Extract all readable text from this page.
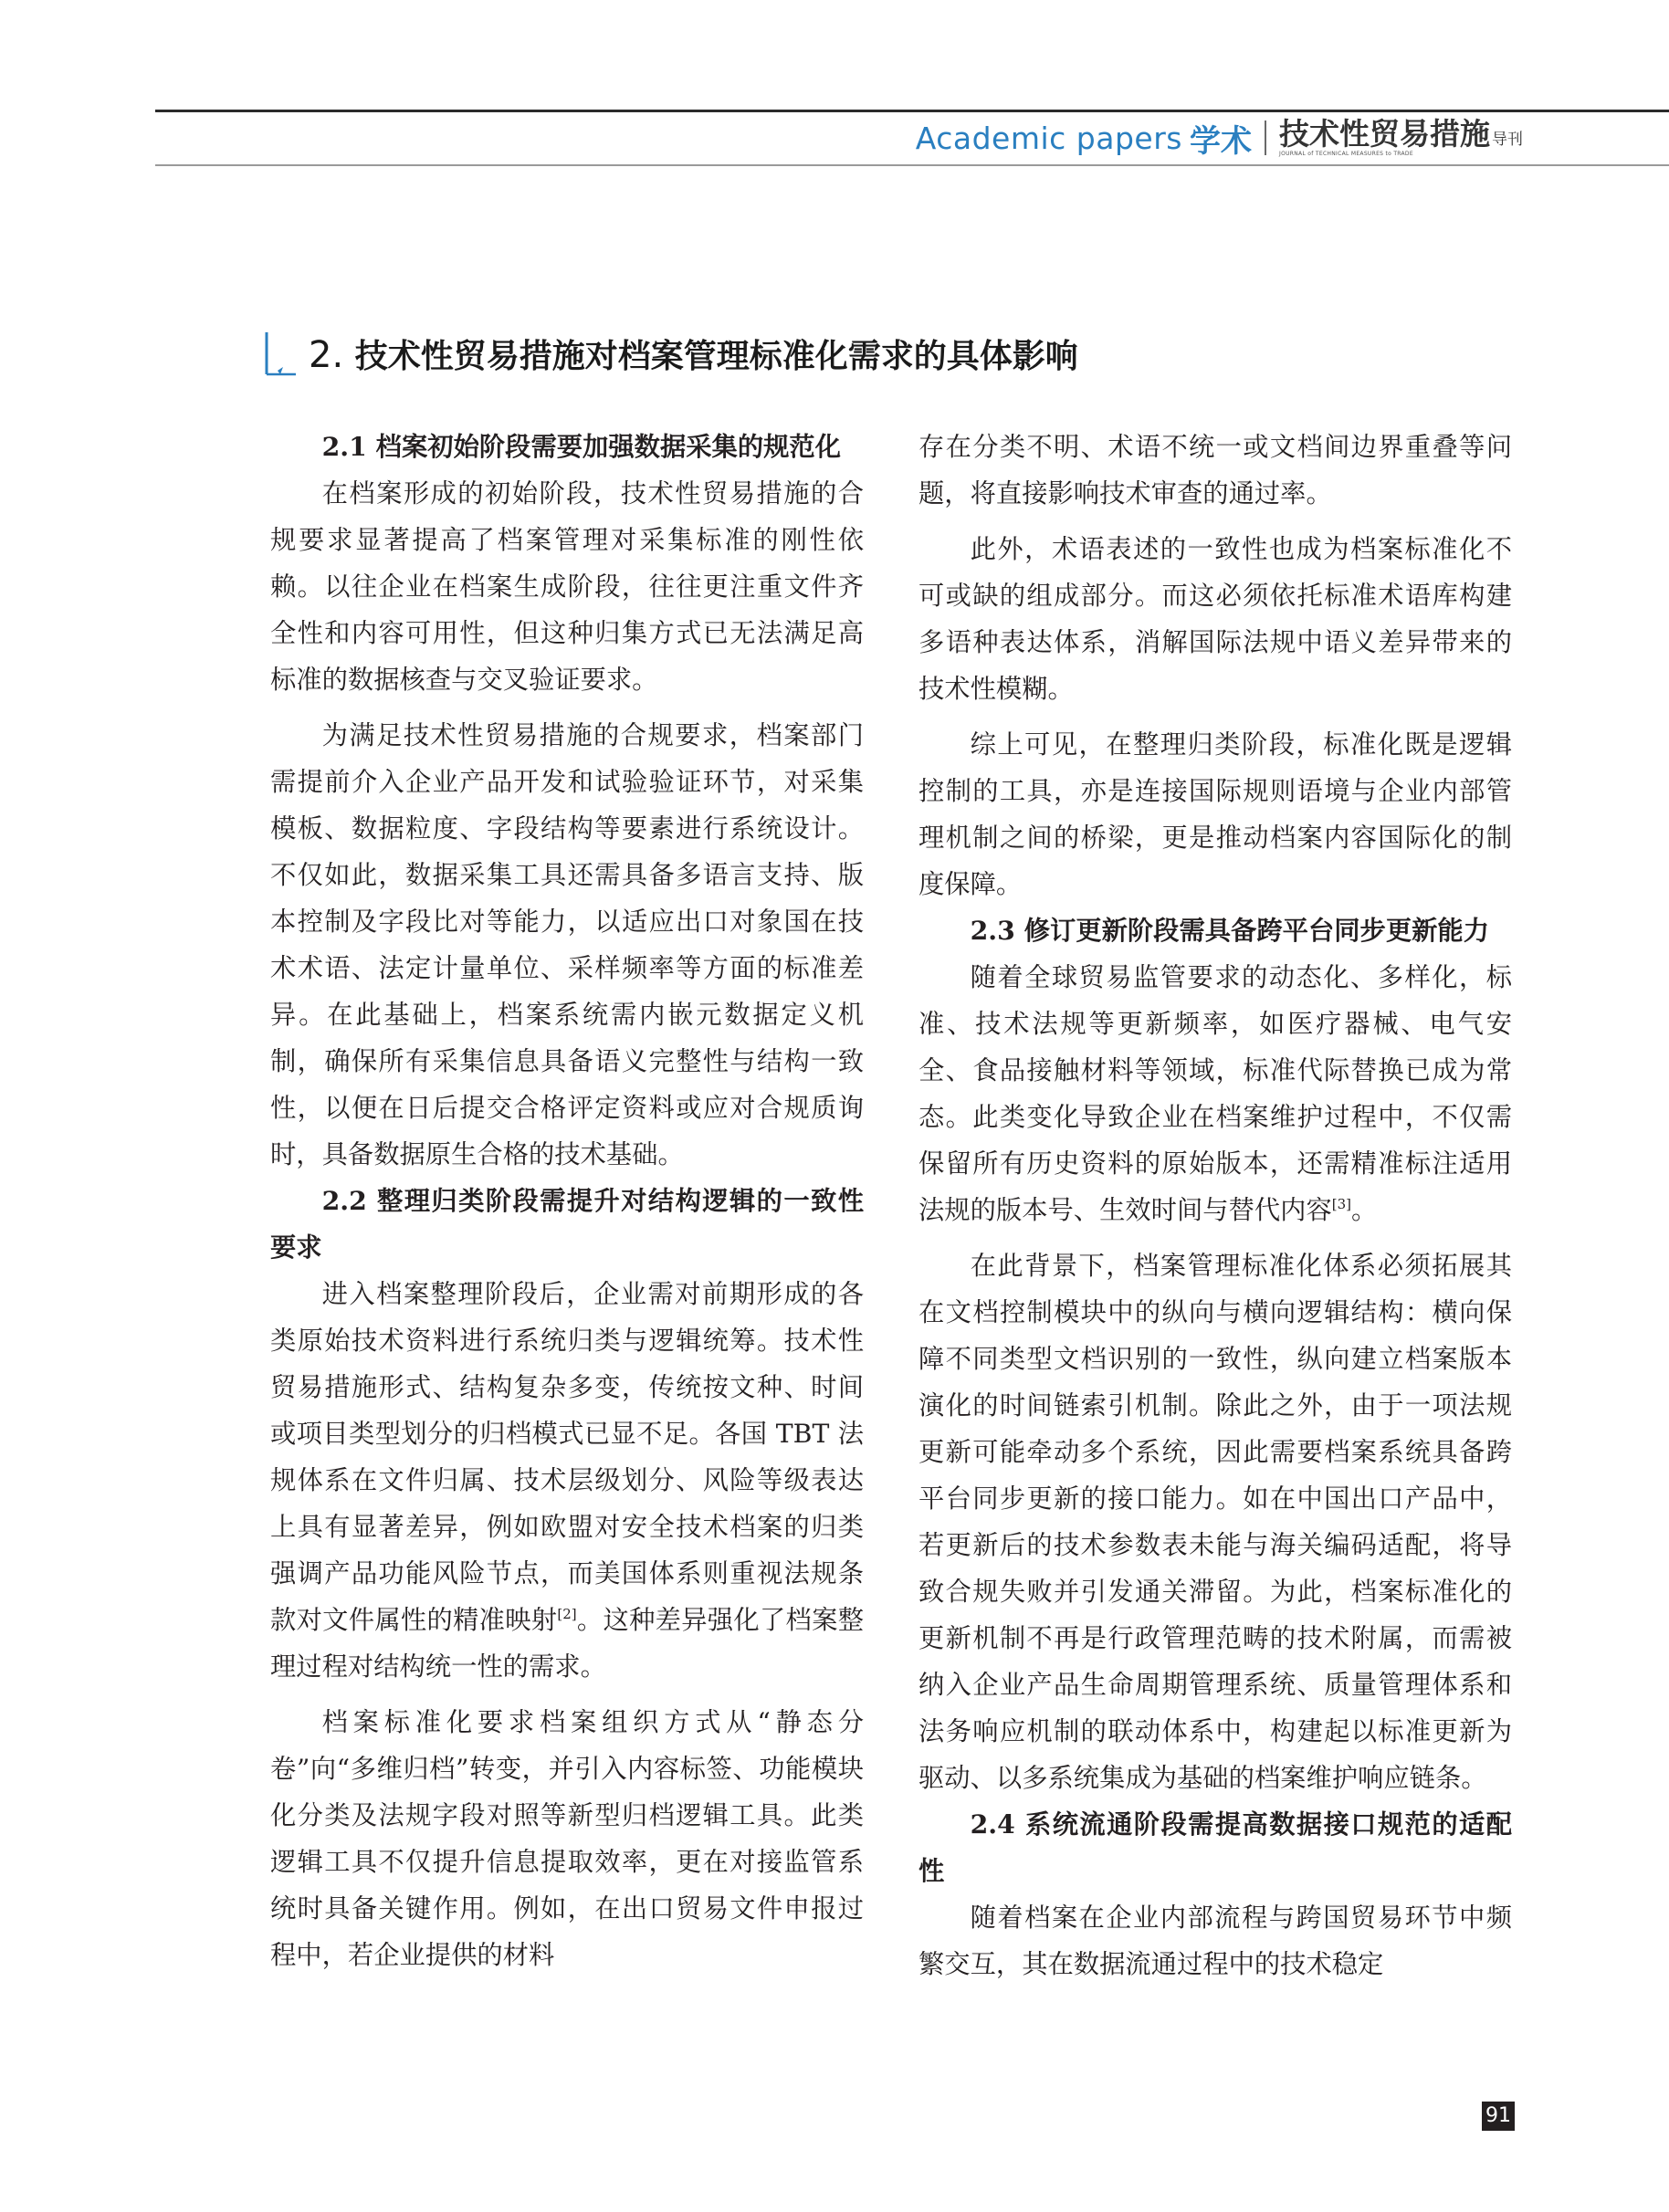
Academic papers 学术 技术性贸易措施 导刊
JOURNAL of TECHNICAL MEASURES to TRADE
2. 技术性贸易措施对档案管理标准化需求的具体影响
2.1 档案初始阶段需要加强数据采集的规范化

在档案形成的初始阶段，技术性贸易措施的合规要求显著提高了档案管理对采集标准的刚性依赖。以往企业在档案生成阶段，往往更注重文件齐全性和内容可用性，但这种归集方式已无法满足高标准的数据核查与交叉验证要求。

为满足技术性贸易措施的合规要求，档案部门需提前介入企业产品开发和试验验证环节，对采集模板、数据粒度、字段结构等要素进行系统设计。不仅如此，数据采集工具还需具备多语言支持、版本控制及字段比对等能力，以适应出口对象国在技术术语、法定计量单位、采样频率等方面的标准差异。在此基础上，档案系统需内嵌元数据定义机制，确保所有采集信息具备语义完整性与结构一致性，以便在日后提交合格评定资料或应对合规质询时，具备数据原生合格的技术基础。

2.2 整理归类阶段需提升对结构逻辑的一致性要求

进入档案整理阶段后，企业需对前期形成的各类原始技术资料进行系统归类与逻辑统筹。技术性贸易措施形式、结构复杂多变，传统按文种、时间或项目类型划分的归档模式已显不足。各国 TBT 法规体系在文件归属、技术层级划分、风险等级表达上具有显著差异，例如欧盟对安全技术档案的归类强调产品功能风险节点，而美国体系则重视法规条款对文件属性的精准映射[2]。这种差异强化了档案整理过程对结构统一性的需求。

档案标准化要求档案组织方式从“静态分卷”向“多维归档”转变，并引入内容标签、功能模块化分类及法规字段对照等新型归档逻辑工具。此类逻辑工具不仅提升信息提取效率，更在对接监管系统时具备关键作用。例如，在出口贸易文件申报过程中，若企业提供的材料

存在分类不明、术语不统一或文档间边界重叠等问题，将直接影响技术审查的通过率。

此外，术语表述的一致性也成为档案标准化不可或缺的组成部分。而这必须依托标准术语库构建多语种表达体系，消解国际法规中语义差异带来的技术性模糊。

综上可见，在整理归类阶段，标准化既是逻辑控制的工具，亦是连接国际规则语境与企业内部管理机制之间的桥梁，更是推动档案内容国际化的制度保障。

2.3 修订更新阶段需具备跨平台同步更新能力

随着全球贸易监管要求的动态化、多样化，标准、技术法规等更新频率，如医疗器械、电气安全、食品接触材料等领域，标准代际替换已成为常态。此类变化导致企业在档案维护过程中，不仅需保留所有历史资料的原始版本，还需精准标注适用法规的版本号、生效时间与替代内容[3]。

在此背景下，档案管理标准化体系必须拓展其在文档控制模块中的纵向与横向逻辑结构：横向保障不同类型文档识别的一致性，纵向建立档案版本演化的时间链索引机制。除此之外，由于一项法规更新可能牵动多个系统，因此需要档案系统具备跨平台同步更新的接口能力。如在中国出口产品中，若更新后的技术参数表未能与海关编码适配，将导致合规失败并引发通关滞留。为此，档案标准化的更新机制不再是行政管理范畴的技术附属，而需被纳入企业产品生命周期管理系统、质量管理体系和法务响应机制的联动体系中，构建起以标准更新为驱动、以多系统集成为基础的档案维护响应链条。

2.4 系统流通阶段需提高数据接口规范的适配性

随着档案在企业内部流程与跨国贸易环节中频繁交互，其在数据流通过程中的技术稳定

91
